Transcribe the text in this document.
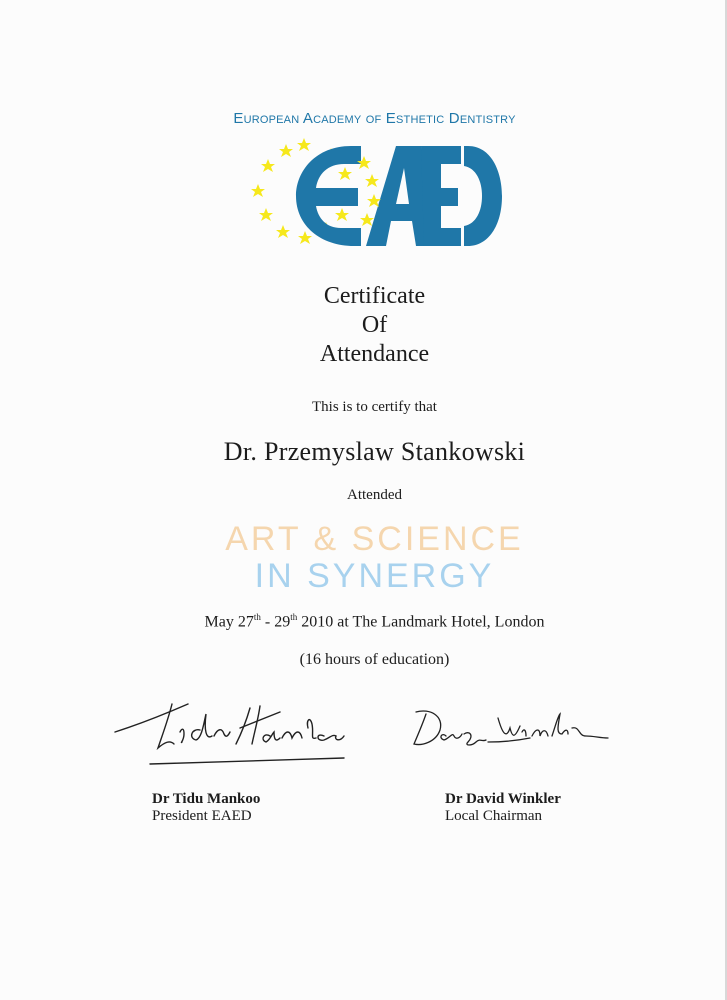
European Academy of Esthetic Dentistry
Certificate
Of
Attendance
This is to certify that
Dr. Przemyslaw Stankowski
Attended
ART & SCIENCE
IN SYNERGY
May 27th - 29th 2010 at The Landmark Hotel, London
(16 hours of education)
Dr Tidu Mankoo
President EAED
Dr David Winkler
Local Chairman
